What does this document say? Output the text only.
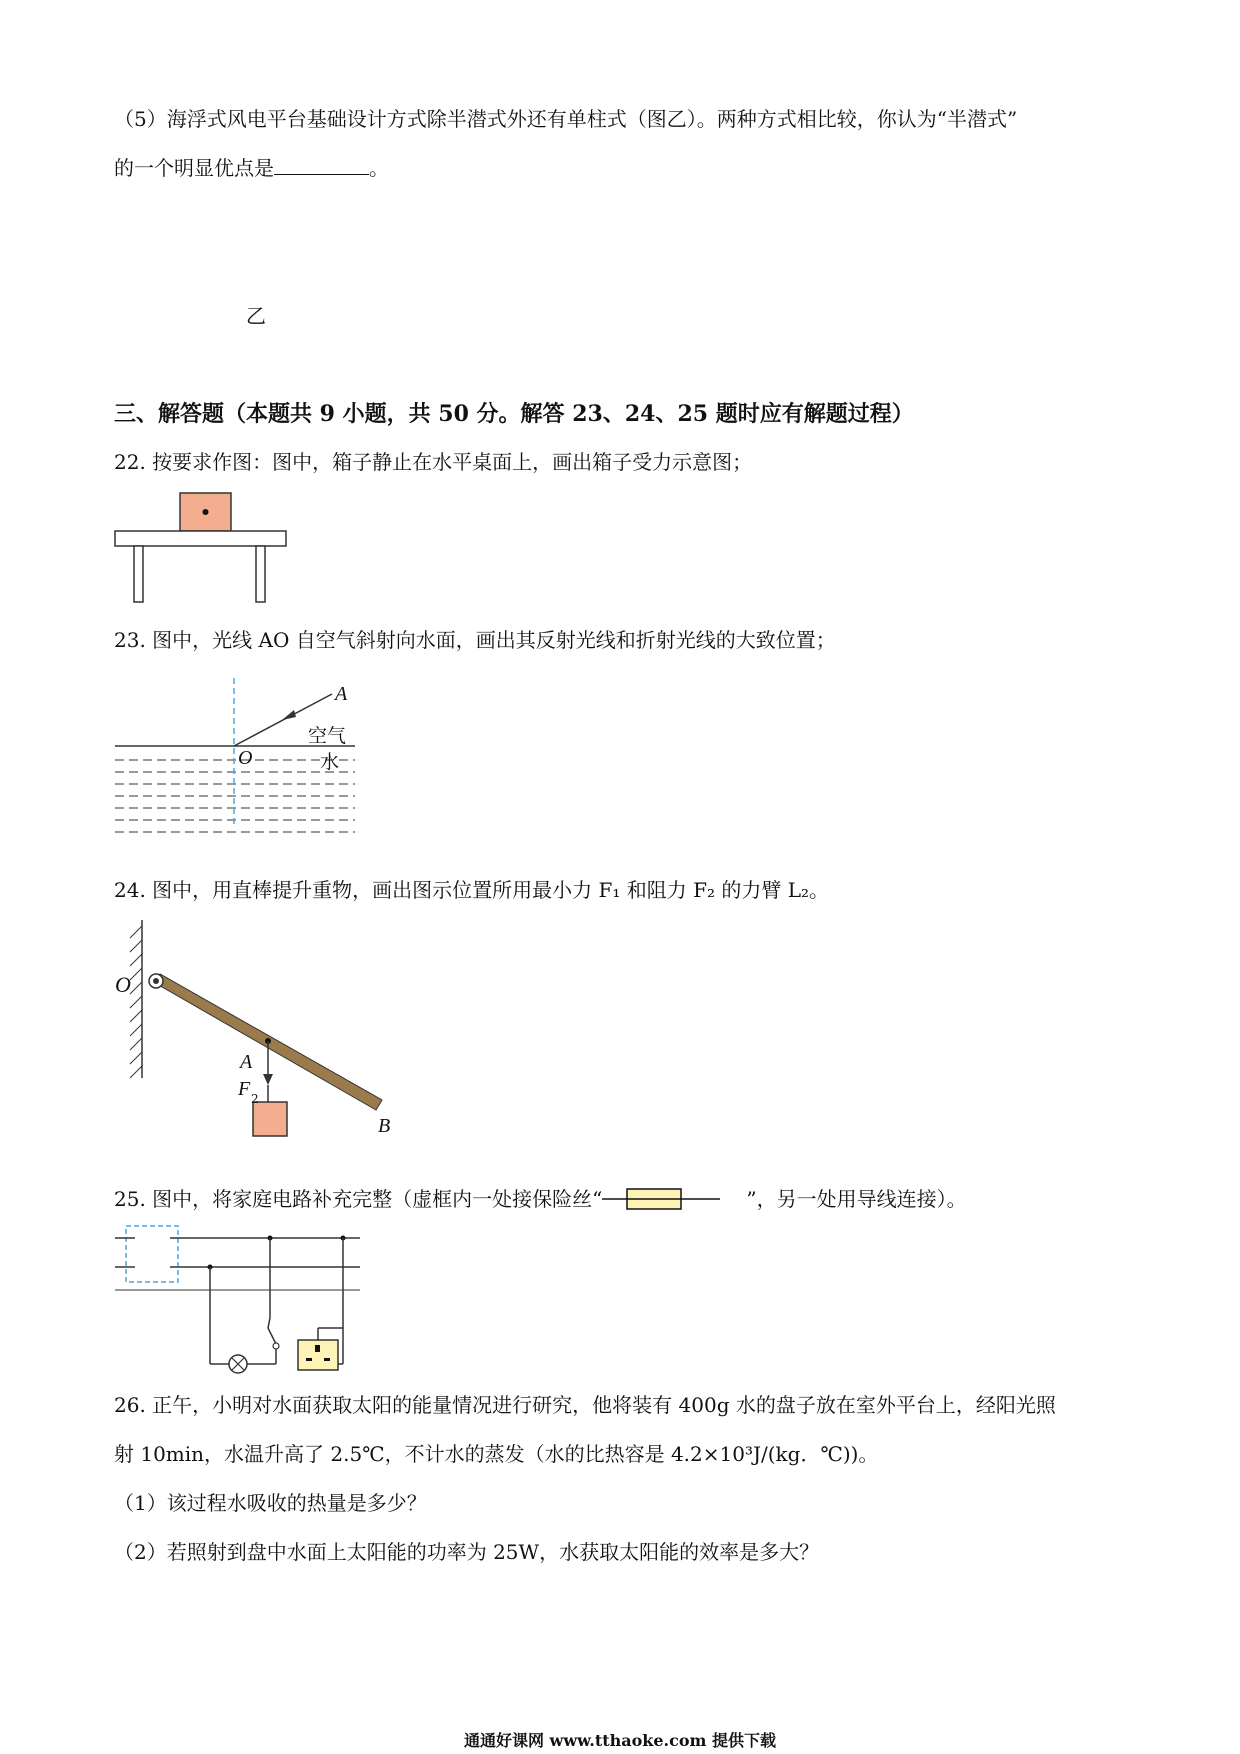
（5）海浮式风电平台基础设计方式除半潜式外还有单柱式（图乙）。两种方式相比较，你认为“半潜式”
的一个明显优点是	。
乙
三、解答题（本题共 9 小题，共 50 分。解答 23、24、25 题时应有解题过程）
22. 按要求作图：图中，箱子静止在水平桌面上，画出箱子受力示意图；
23. 图中，光线 AO 自空气斜射向水面，画出其反射光线和折射光线的大致位置；
A
O
空气
水
24. 图中，用直棒提升重物，画出图示位置所用最小力 F₁ 和阻力 F₂ 的力臂 L₂。
O
A
F 2
B
25. 图中，将家庭电路补充完整（虚框内一处接保险丝“	”，另一处用导线连接）。
26. 正午，小明对水面获取太阳的能量情况进行研究，他将装有 400g 水的盘子放在室外平台上，经阳光照
射 10min，水温升高了 2.5℃，不计水的蒸发（水的比热容是 4.2×10³J/(kg．℃))。
（1）该过程水吸收的热量是多少？
（2）若照射到盘中水面上太阳能的功率为 25W，水获取太阳能的效率是多大？
通通好课网 www.tthaoke.com 提供下载
